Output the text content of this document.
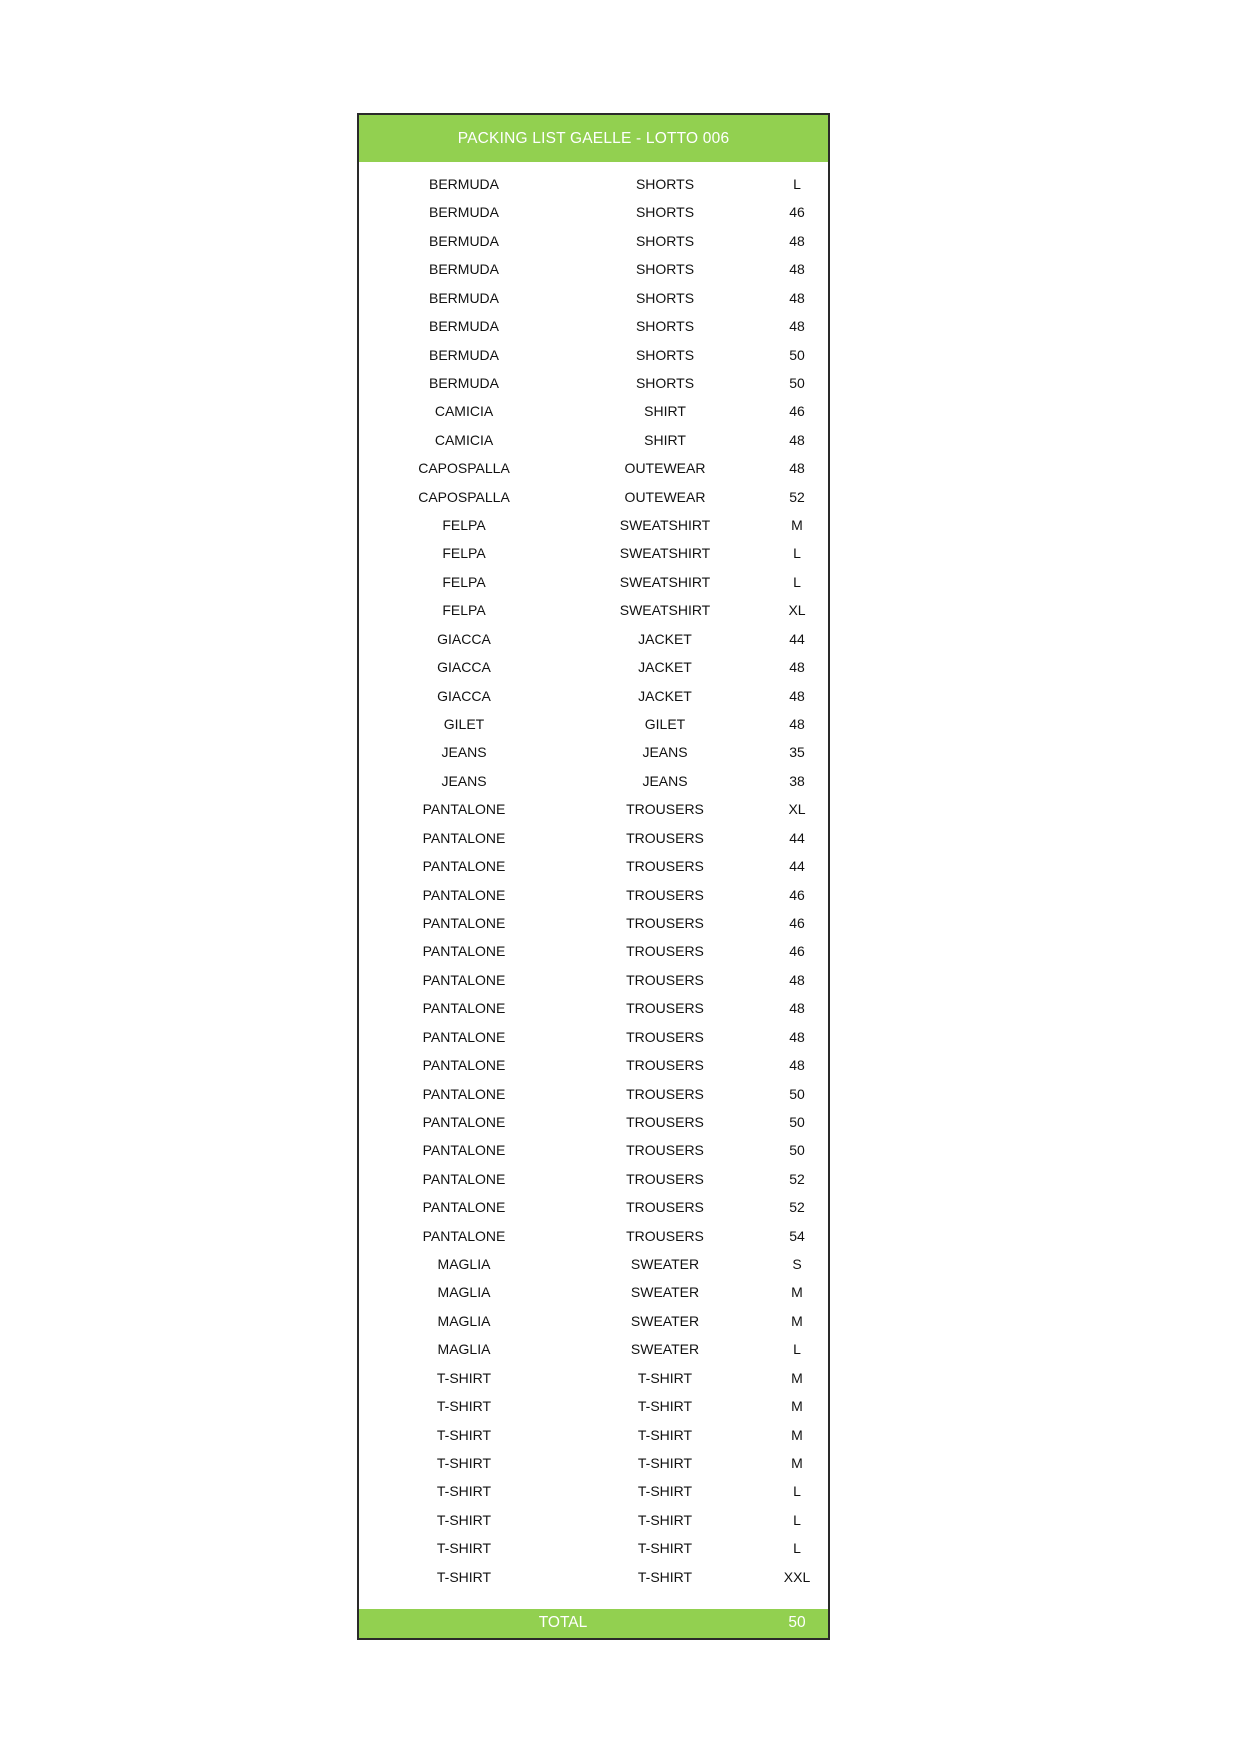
PACKING LIST GAELLE - LOTTO 006
BERMUDA	SHORTS	L
BERMUDA	SHORTS	46
BERMUDA	SHORTS	48
BERMUDA	SHORTS	48
BERMUDA	SHORTS	48
BERMUDA	SHORTS	48
BERMUDA	SHORTS	50
BERMUDA	SHORTS	50
CAMICIA	SHIRT	46
CAMICIA	SHIRT	48
CAPOSPALLA	OUTEWEAR	48
CAPOSPALLA	OUTEWEAR	52
FELPA	SWEATSHIRT	M
FELPA	SWEATSHIRT	L
FELPA	SWEATSHIRT	L
FELPA	SWEATSHIRT	XL
GIACCA	JACKET	44
GIACCA	JACKET	48
GIACCA	JACKET	48
GILET	GILET	48
JEANS	JEANS	35
JEANS	JEANS	38
PANTALONE	TROUSERS	XL
PANTALONE	TROUSERS	44
PANTALONE	TROUSERS	44
PANTALONE	TROUSERS	46
PANTALONE	TROUSERS	46
PANTALONE	TROUSERS	46
PANTALONE	TROUSERS	48
PANTALONE	TROUSERS	48
PANTALONE	TROUSERS	48
PANTALONE	TROUSERS	48
PANTALONE	TROUSERS	50
PANTALONE	TROUSERS	50
PANTALONE	TROUSERS	50
PANTALONE	TROUSERS	52
PANTALONE	TROUSERS	52
PANTALONE	TROUSERS	54
MAGLIA	SWEATER	S
MAGLIA	SWEATER	M
MAGLIA	SWEATER	M
MAGLIA	SWEATER	L
T-SHIRT	T-SHIRT	M
T-SHIRT	T-SHIRT	M
T-SHIRT	T-SHIRT	M
T-SHIRT	T-SHIRT	M
T-SHIRT	T-SHIRT	L
T-SHIRT	T-SHIRT	L
T-SHIRT	T-SHIRT	L
T-SHIRT	T-SHIRT	XXL
TOTAL	50
